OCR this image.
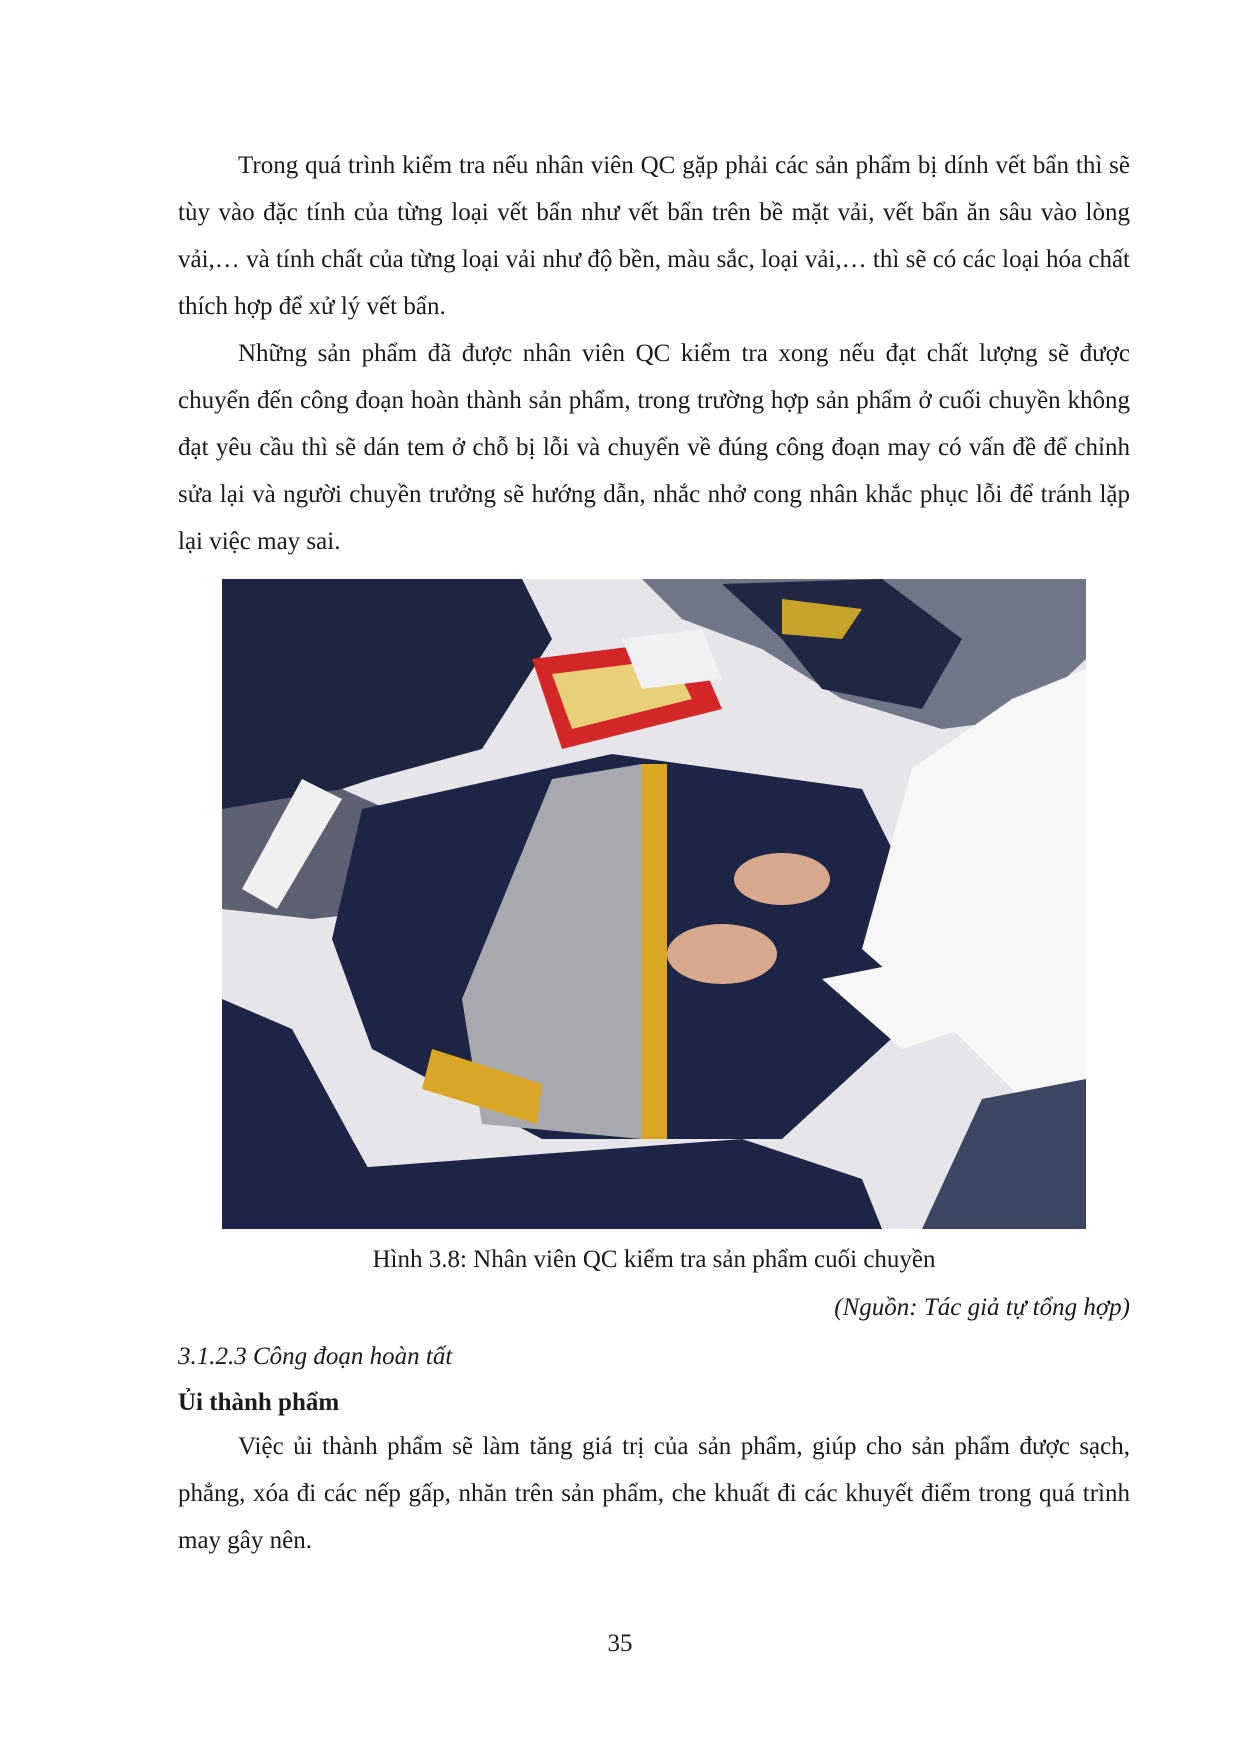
Trong quá trình kiểm tra nếu nhân viên QC gặp phải các sản phẩm bị dính vết bẩn thì sẽ tùy vào đặc tính của từng loại vết bẩn như vết bẩn trên bề mặt vải, vết bẩn ăn sâu vào lòng vải,… và tính chất của từng loại vải như độ bền, màu sắc, loại vải,… thì sẽ có các loại hóa chất thích hợp để xử lý vết bẩn.

Những sản phẩm đã được nhân viên QC kiểm tra xong nếu đạt chất lượng sẽ được chuyển đến công đoạn hoàn thành sản phẩm, trong trường hợp sản phẩm ở cuối chuyền không đạt yêu cầu thì sẽ dán tem ở chỗ bị lỗi và chuyển về đúng công đoạn may có vấn đề để chỉnh sửa lại và người chuyền trưởng sẽ hướng dẫn, nhắc nhở cong nhân khắc phục lỗi để tránh lặp lại việc may sai.

Hình 3.8: Nhân viên QC kiểm tra sản phẩm cuối chuyền
(Nguồn: Tác giả tự tổng hợp)
3.1.2.3 Công đoạn hoàn tất
Ủi thành phẩm

Việc ủi thành phẩm sẽ làm tăng giá trị của sản phẩm, giúp cho sản phẩm được sạch, phẳng, xóa đi các nếp gấp, nhăn trên sản phẩm, che khuất đi các khuyết điểm trong quá trình may gây nên.

35
